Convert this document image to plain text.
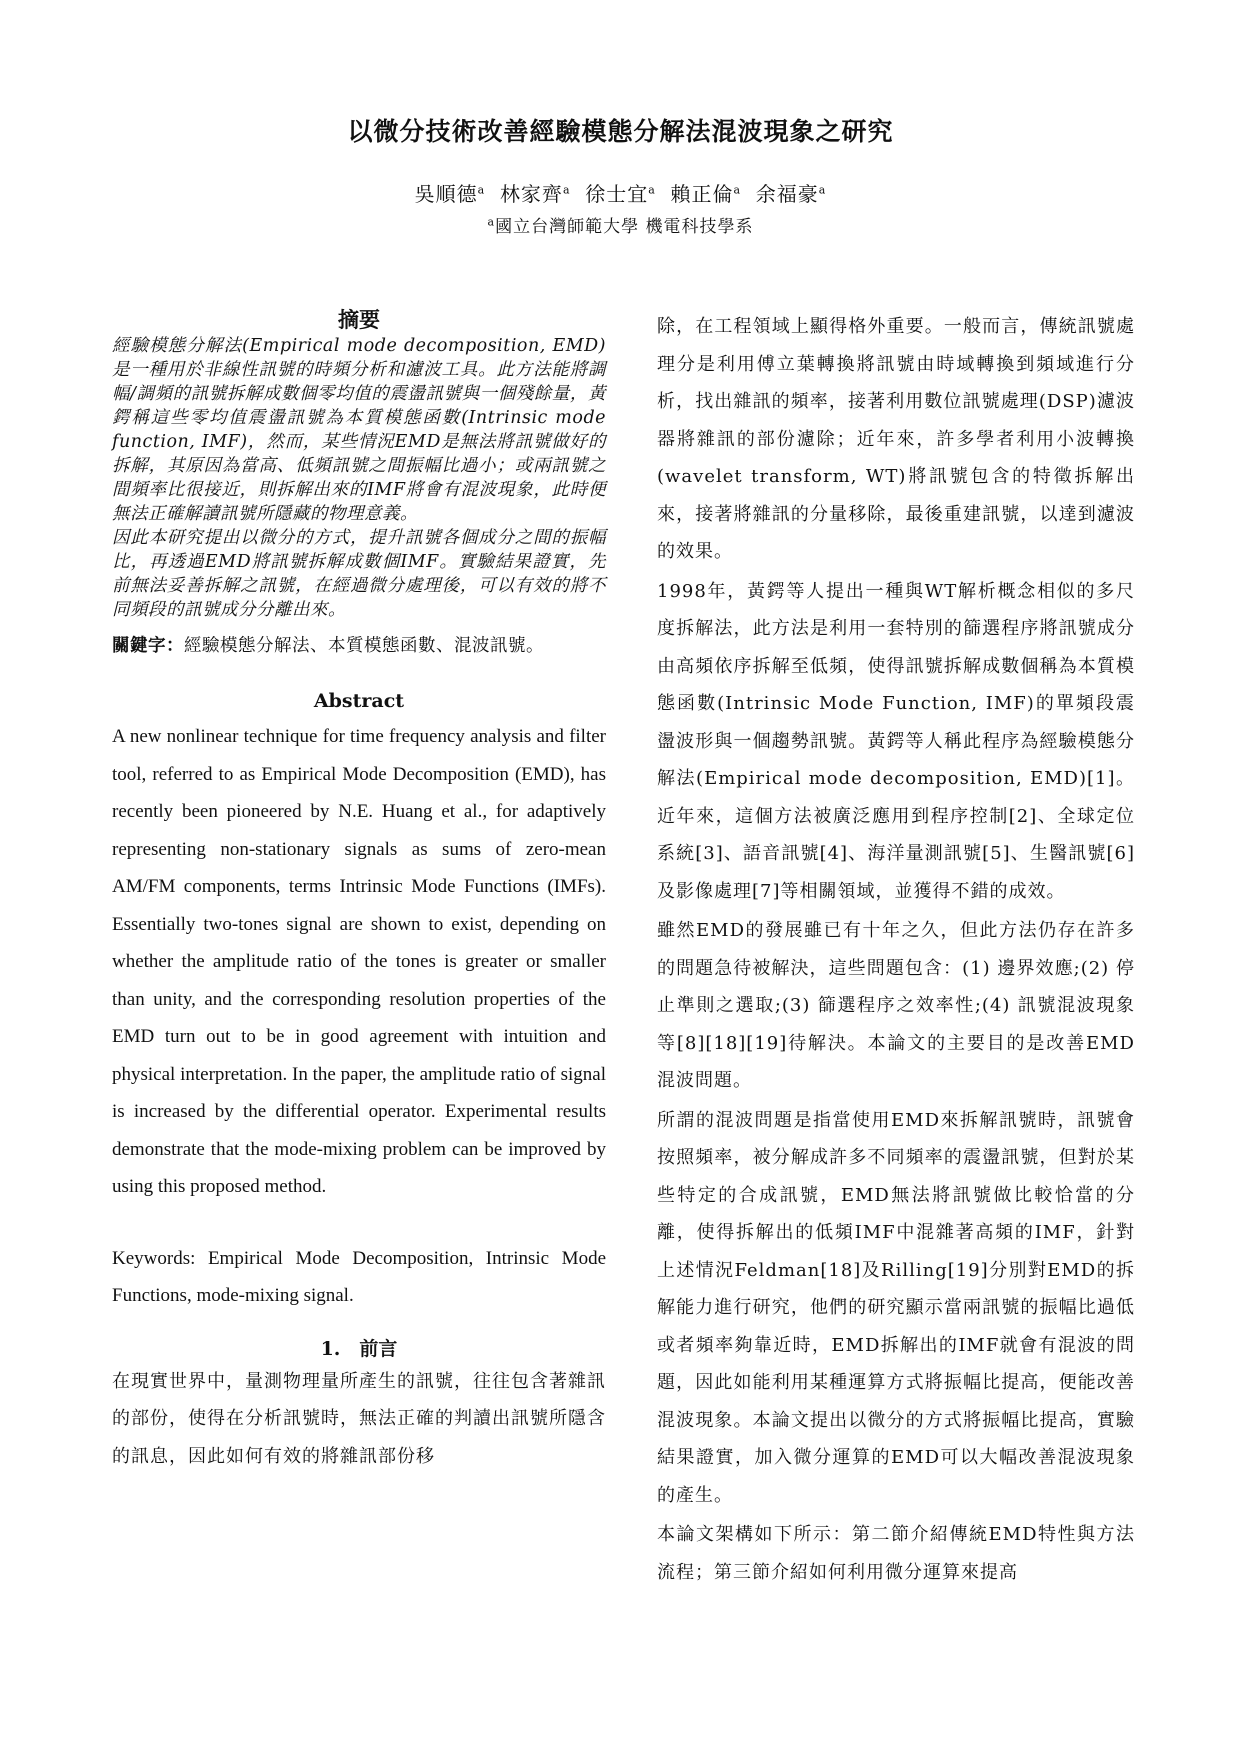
以微分技術改善經驗模態分解法混波現象之研究
吳順德$^a$ 林家齊$^a$ 徐士宜$^a$ 賴正倫$^a$ 余福豪$^a$
$^a$國立台灣師範大學 機電科技學系
摘要

經驗模態分解法(Empirical mode decomposition, EMD)是一種用於非線性訊號的時頻分析和濾波工具。此方法能將調幅/調頻的訊號拆解成數個零均值的震盪訊號與一個殘餘量，黃鍔稱這些零均值震盪訊號為本質模態函數(Intrinsic mode function, IMF)，然而，某些情況EMD是無法將訊號做好的拆解，其原因為當高、低頻訊號之間振幅比過小；或兩訊號之間頻率比很接近，則拆解出來的IMF將會有混波現象，此時便無法正確解讀訊號所隱藏的物理意義。

因此本研究提出以微分的方式，提升訊號各個成分之間的振幅比，再透過EMD將訊號拆解成數個IMF。實驗結果證實，先前無法妥善拆解之訊號，在經過微分處理後，可以有效的將不同頻段的訊號成分分離出來。

關鍵字：經驗模態分解法、本質模態函數、混波訊號。
Abstract

A new nonlinear technique for time frequency analysis and filter tool, referred to as Empirical Mode Decomposition (EMD), has recently been pioneered by N.E. Huang et al., for adaptively representing non-stationary signals as sums of zero-mean AM/FM components, terms Intrinsic Mode Functions (IMFs). Essentially two-tones signal are shown to exist, depending on whether the amplitude ratio of the tones is greater or smaller than unity, and the corresponding resolution properties of the EMD turn out to be in good agreement with intuition and physical interpretation. In the paper, the amplitude ratio of signal is increased by the differential operator. Experimental results demonstrate that the mode-mixing problem can be improved by using this proposed method.

Keywords: Empirical Mode Decomposition, Intrinsic Mode Functions, mode-mixing signal.

1.　前言

在現實世界中，量測物理量所產生的訊號，往往包含著雜訊的部份，使得在分析訊號時，無法正確的判讀出訊號所隱含的訊息，因此如何有效的將雜訊部份移

除，在工程領域上顯得格外重要。一般而言，傳統訊號處理分是利用傅立葉轉換將訊號由時域轉換到頻域進行分析，找出雜訊的頻率，接著利用數位訊號處理(DSP)濾波器將雜訊的部份濾除；近年來，許多學者利用小波轉換(wavelet transform, WT)將訊號包含的特徵拆解出來，接著將雜訊的分量移除，最後重建訊號，以達到濾波的效果。

1998年，黃鍔等人提出一種與WT解析概念相似的多尺度拆解法，此方法是利用一套特別的篩選程序將訊號成分由高頻依序拆解至低頻，使得訊號拆解成數個稱為本質模態函數(Intrinsic Mode Function, IMF)的單頻段震盪波形與一個趨勢訊號。黃鍔等人稱此程序為經驗模態分解法(Empirical mode decomposition, EMD)[1]。近年來，這個方法被廣泛應用到程序控制[2]、全球定位系統[3]、語音訊號[4]、海洋量測訊號[5]、生醫訊號[6]及影像處理[7]等相關領域，並獲得不錯的成效。

雖然EMD的發展雖已有十年之久，但此方法仍存在許多的問題急待被解決，這些問題包含：(1) 邊界效應;(2) 停止準則之選取;(3) 篩選程序之效率性;(4) 訊號混波現象等[8][18][19]待解決。本論文的主要目的是改善EMD混波問題。

所謂的混波問題是指當使用EMD來拆解訊號時，訊號會按照頻率，被分解成許多不同頻率的震盪訊號，但對於某些特定的合成訊號，EMD無法將訊號做比較恰當的分離，使得拆解出的低頻IMF中混雜著高頻的IMF，針對上述情況Feldman[18]及Rilling[19]分別對EMD的拆解能力進行研究，他們的研究顯示當兩訊號的振幅比過低或者頻率夠靠近時，EMD拆解出的IMF就會有混波的問題，因此如能利用某種運算方式將振幅比提高，便能改善混波現象。本論文提出以微分的方式將振幅比提高，實驗結果證實，加入微分運算的EMD可以大幅改善混波現象的產生。

本論文架構如下所示：第二節介紹傳統EMD特性與方法流程；第三節介紹如何利用微分運算來提高
